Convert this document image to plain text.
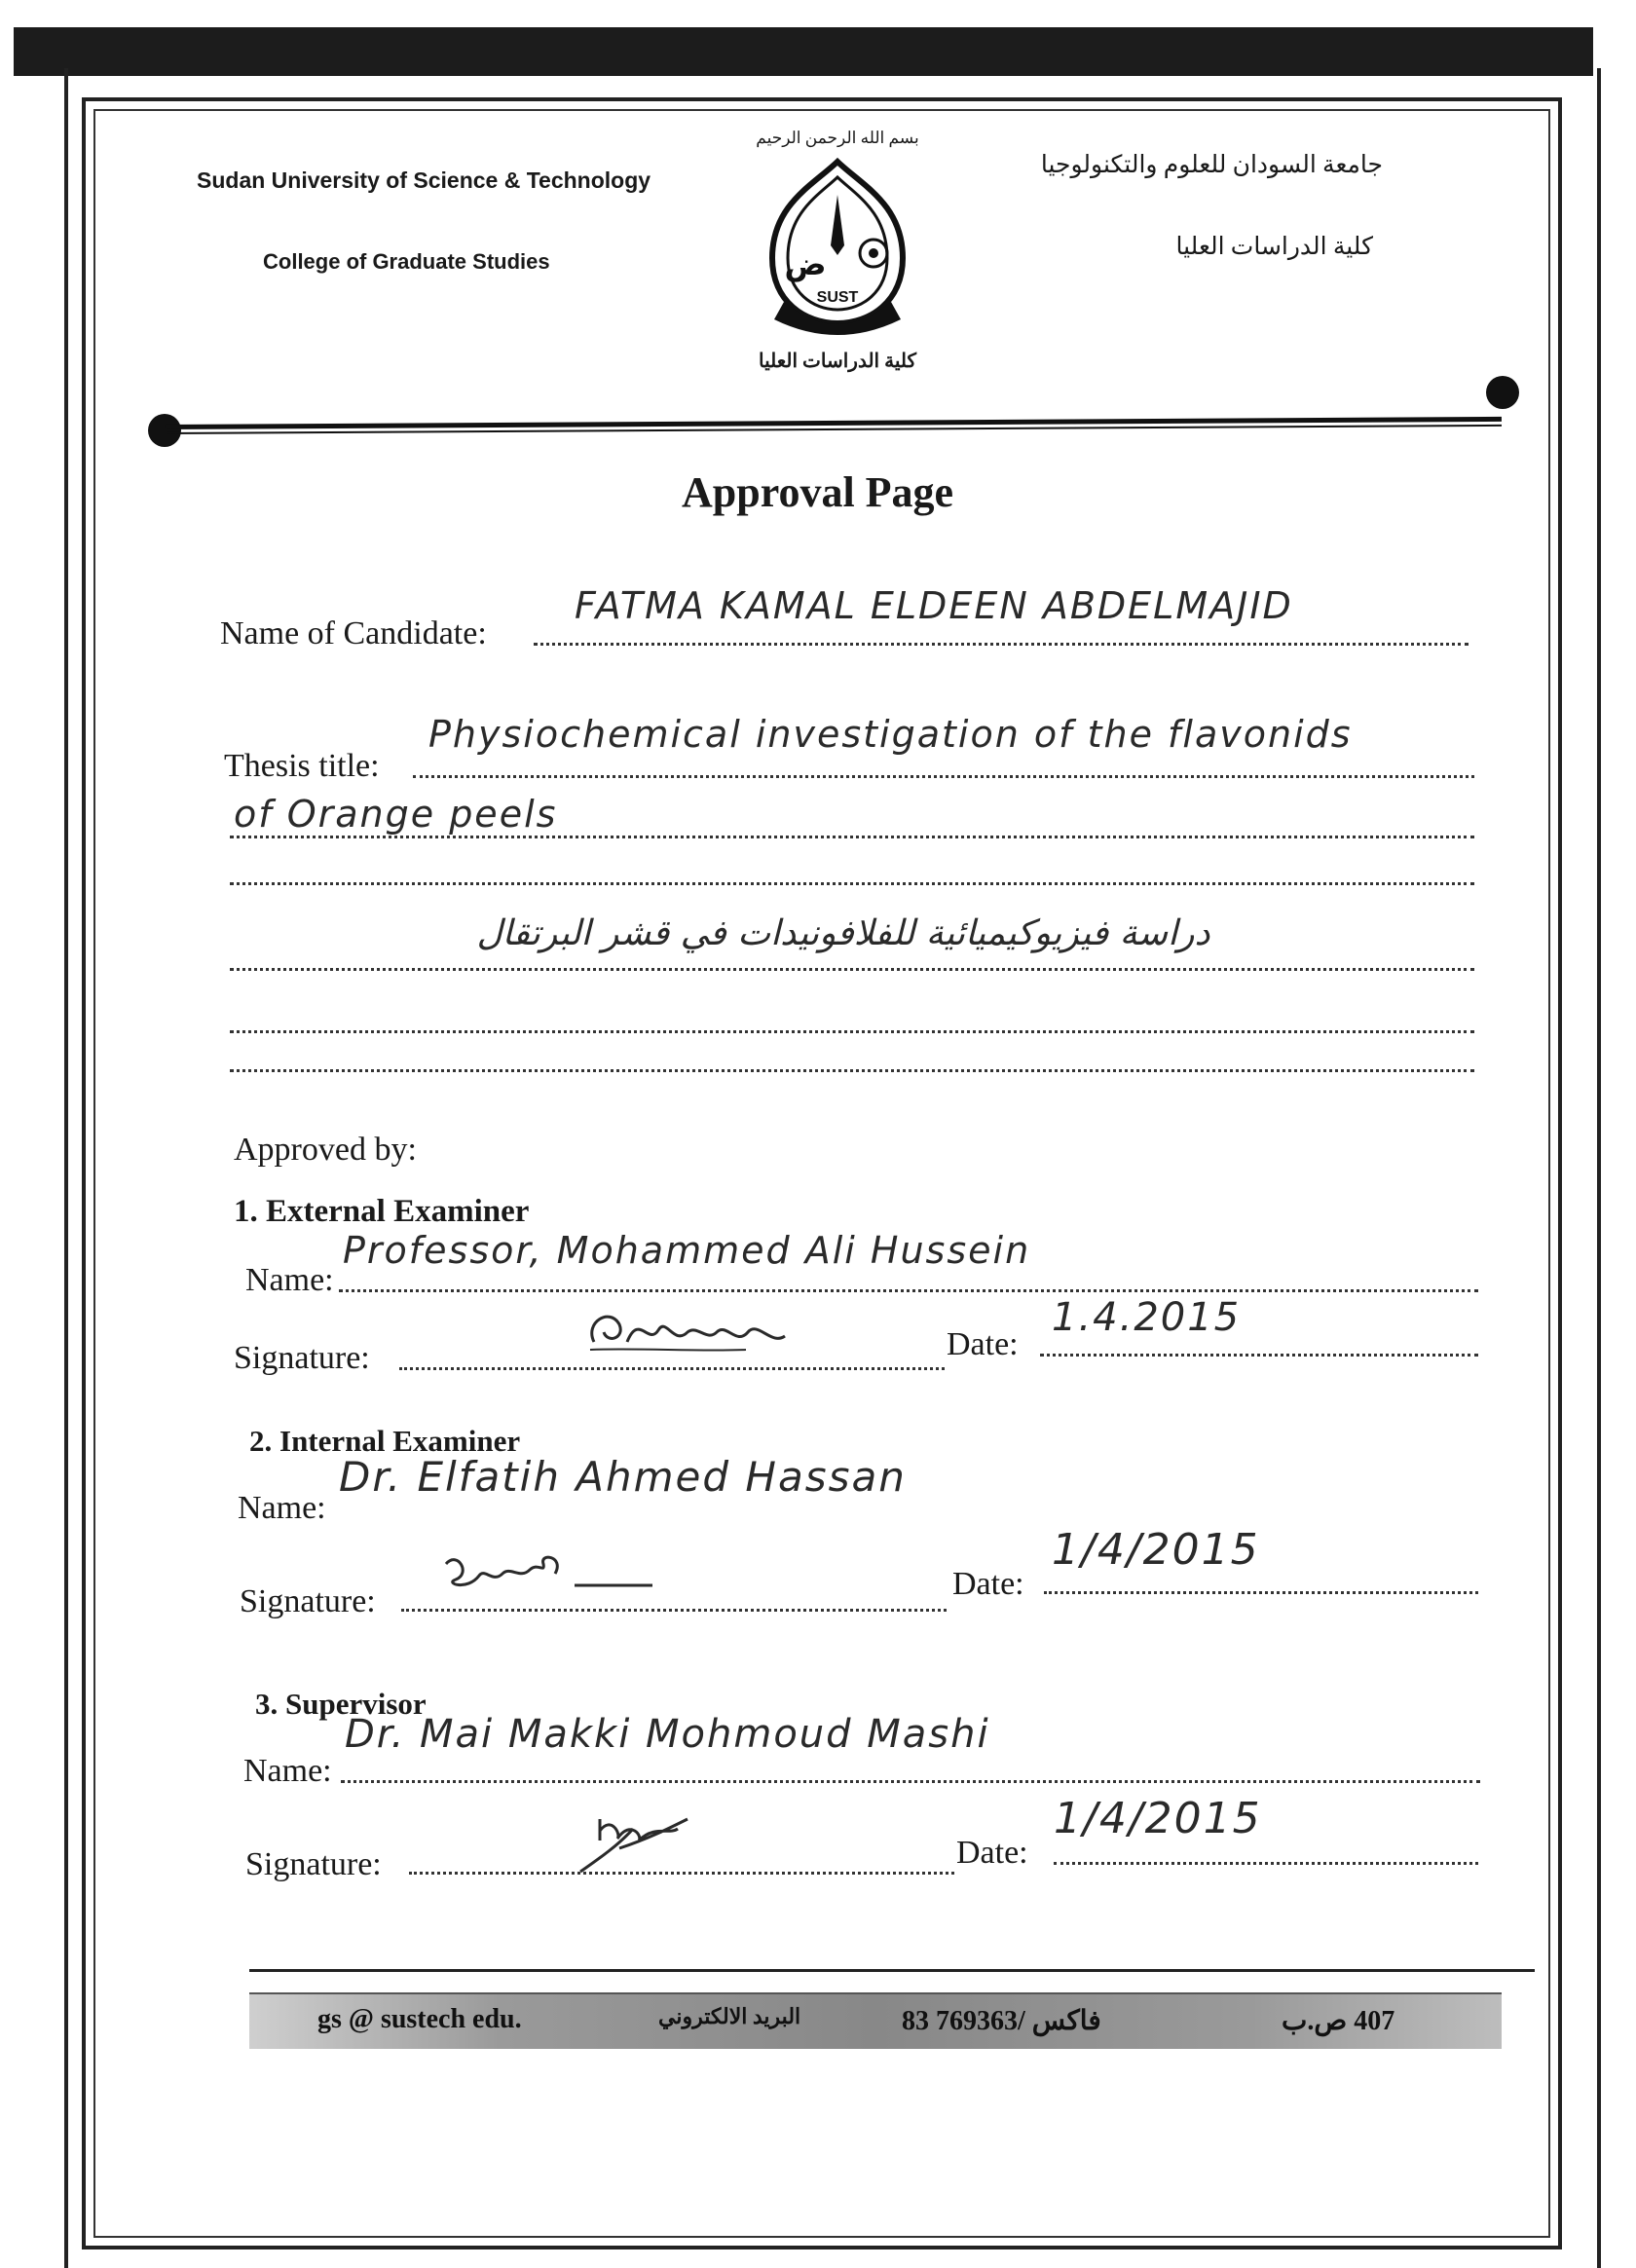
Sudan University of Science & Technology
College of Graduate Studies
بسم الله الرحمن الرحيم
SUST
ض
كلية الدراسات العليا
جامعة السودان للعلوم والتكنولوجيا
كلية الدراسات العليا
Approval Page
Name of Candidate:
FATMA KAMAL ELDEEN ABDELMAJID
Thesis title:
Physiochemical investigation of the flavonids
of Orange peels
دراسة فيزيوكيميائية للفلافونيدات في قشر البرتقال
Approved by:
1. External Examiner
Name:
Professor, Mohammed Ali Hussein
Signature:	Date:
1.4.2015
2. Internal Examiner
Name:
Dr. Elfatih Ahmed Hassan
Signature:	Date:
1/4/2015
3. Supervisor
Name:
Dr. Mai Makki Mohmoud Mashi
Signature:	Date:
1/4/2015
gs @ sustech edu.	البريد الالكتروني	83 769363/ فاكس	407 ص.ب
